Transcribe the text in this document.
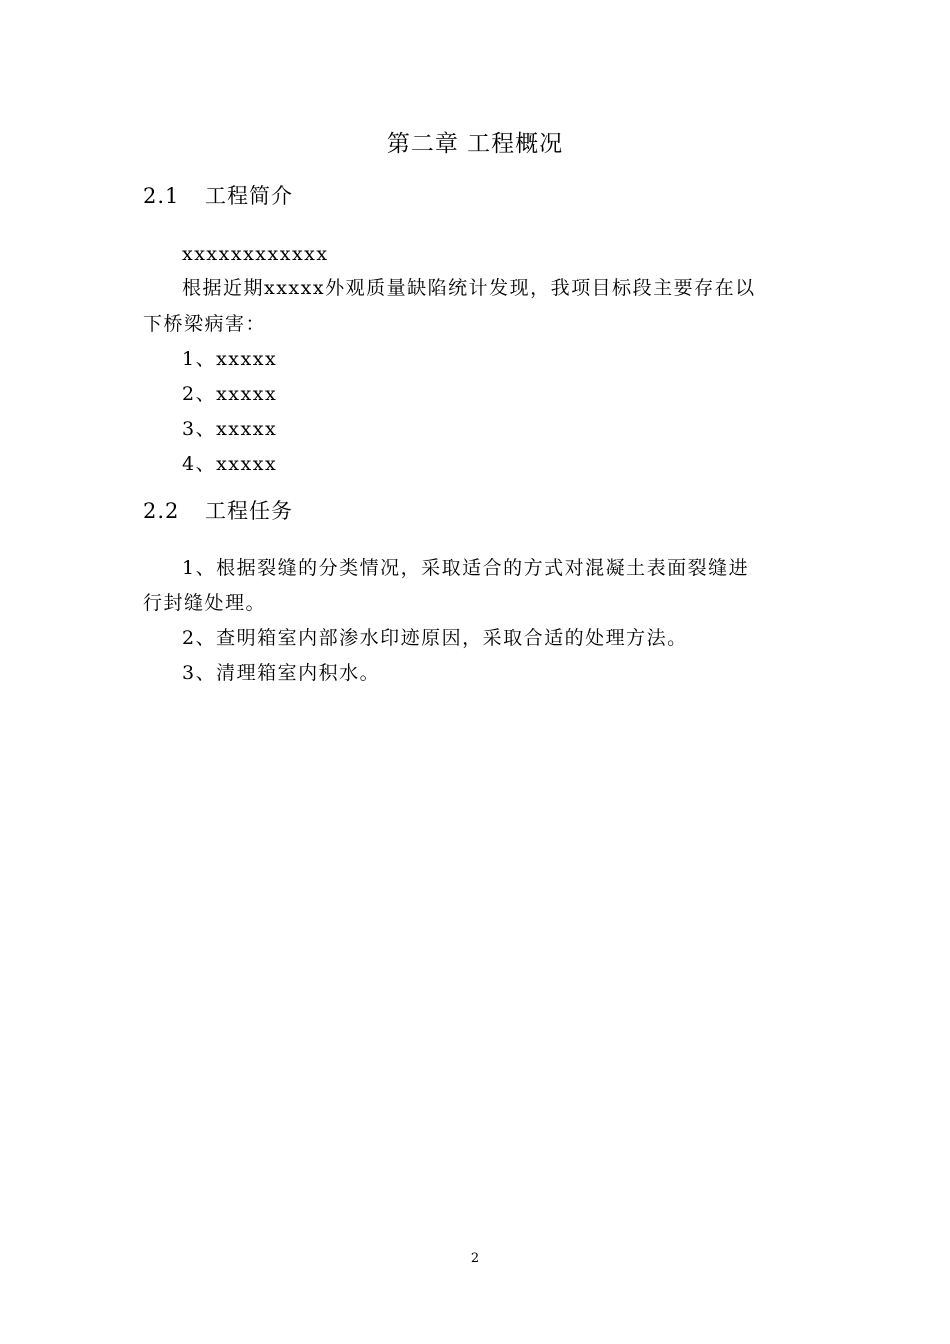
第二章 工程概况
2.1 工程简介
xxxxxxxxxxxx
根据近期xxxxx外观质量缺陷统计发现，我项目标段主要存在以
下桥梁病害：
1、xxxxx
2、xxxxx
3、xxxxx
4、xxxxx
2.2 工程任务
1、根据裂缝的分类情况，采取适合的方式对混凝土表面裂缝进
行封缝处理。
2、查明箱室内部渗水印迹原因，采取合适的处理方法。
3、清理箱室内积水。
2
